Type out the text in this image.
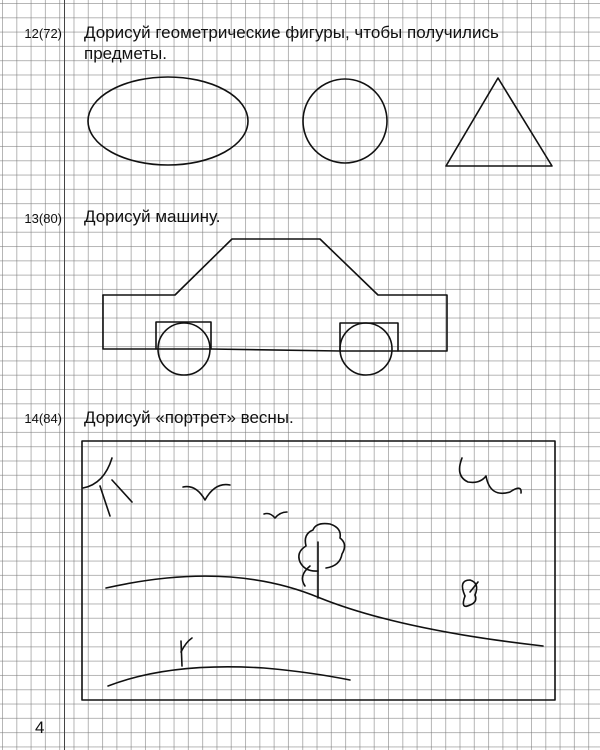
12(72) Дорисуй геометрические фигуры, чтобы получились предметы.
13(80) Дорисуй машину.
14(84) Дорисуй «портрет» весны.
4
